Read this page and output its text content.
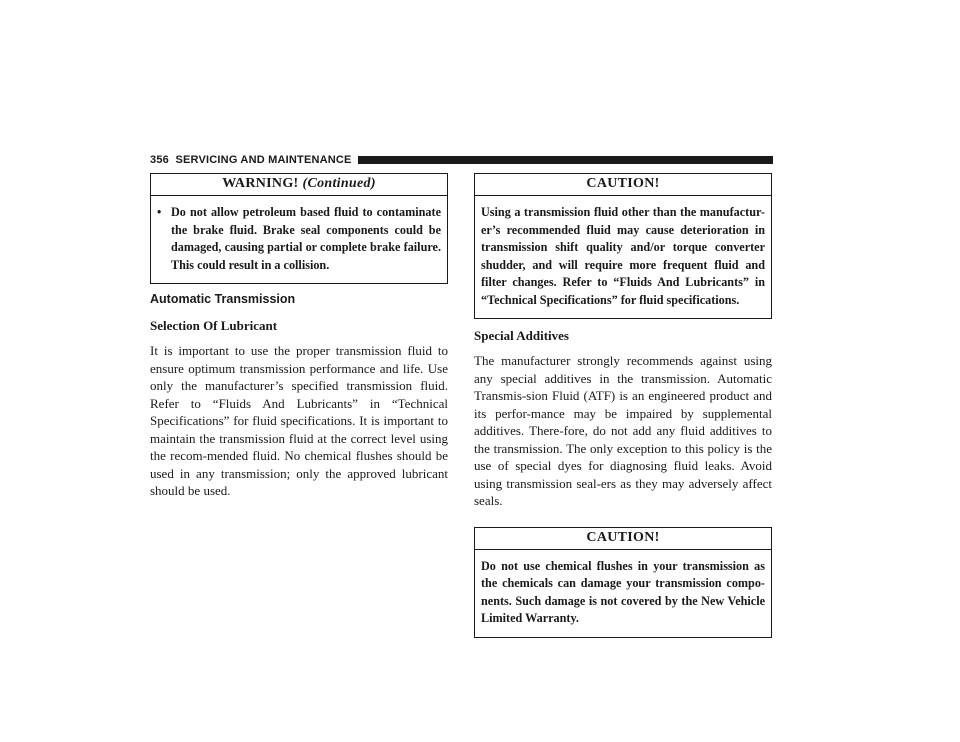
356 SERVICING AND MAINTENANCE
WARNING! (Continued)
• Do not allow petroleum based fluid to contaminate the brake fluid. Brake seal components could be damaged, causing partial or complete brake failure. This could result in a collision.

Automatic Transmission

Selection Of Lubricant

It is important to use the proper transmission fluid to ensure optimum transmission performance and life. Use only the manufacturer’s specified transmission fluid. Refer to “Fluids And Lubricants” in “Technical Specifications” for fluid specifications. It is important to maintain the transmission fluid at the correct level using the recom-mended fluid. No chemical flushes should be used in any transmission; only the approved lubricant should be used.

CAUTION!
Using a transmission fluid other than the manufactur-er’s recommended fluid may cause deterioration in transmission shift quality and/or torque converter shudder, and will require more frequent fluid and filter changes. Refer to “Fluids And Lubricants” in “Technical Specifications” for fluid specifications.

Special Additives

The manufacturer strongly recommends against using any special additives in the transmission. Automatic Transmis-sion Fluid (ATF) is an engineered product and its perfor-mance may be impaired by supplemental additives. There-fore, do not add any fluid additives to the transmission. The only exception to this policy is the use of special dyes for diagnosing fluid leaks. Avoid using transmission seal-ers as they may adversely affect seals.

CAUTION!
Do not use chemical flushes in your transmission as the chemicals can damage your transmission compo-nents. Such damage is not covered by the New Vehicle Limited Warranty.
